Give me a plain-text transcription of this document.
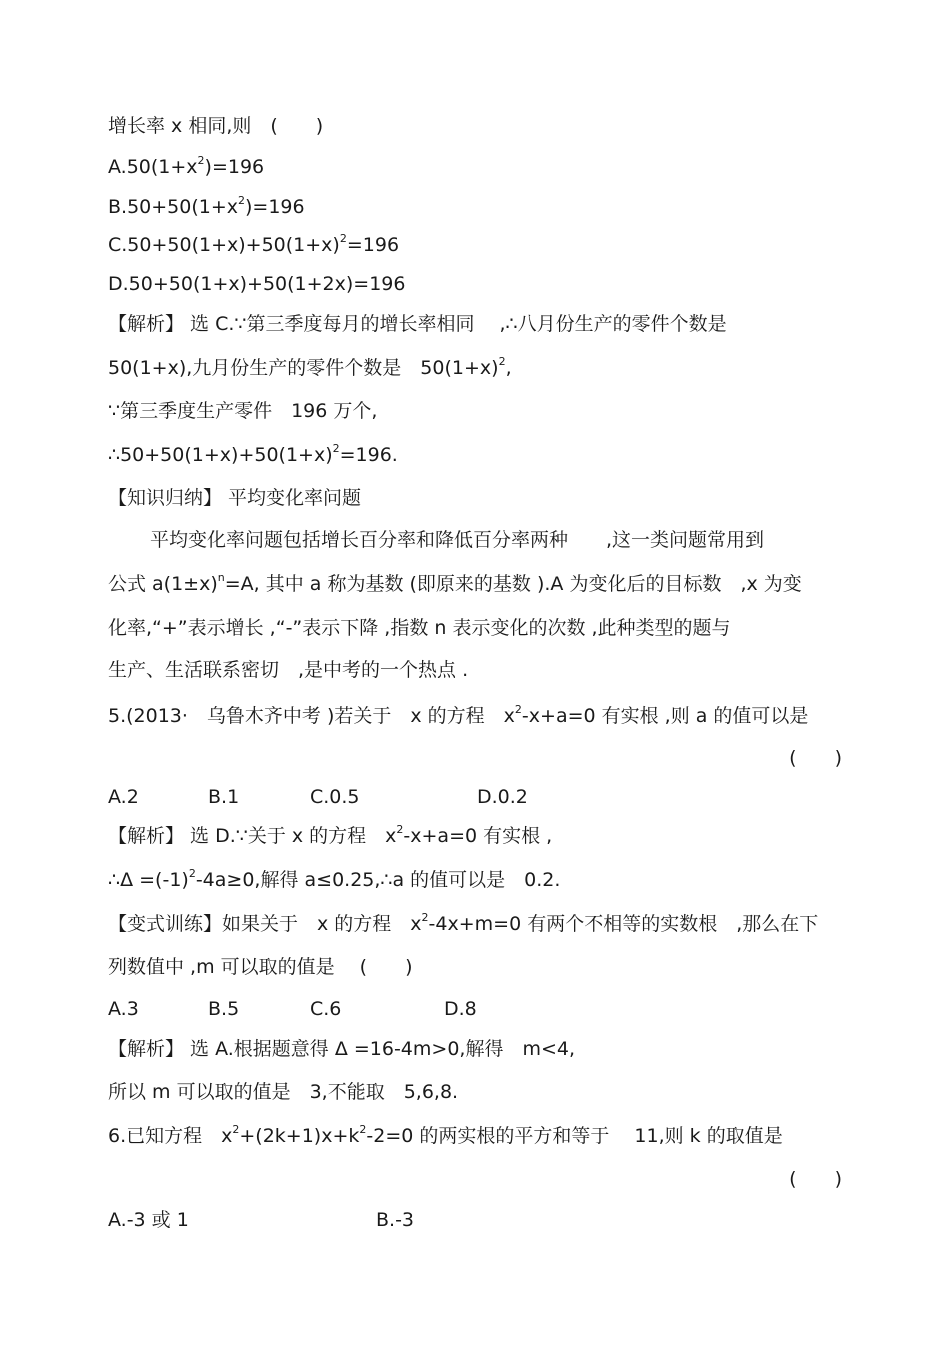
增长率 x 相同,则　(　　)
$A.50(1+x^2)=196$
$B.50+50(1+x^2)=196$
$C.50+50(1+x)+50(1+x)^2=196$
D.50+50(1+x)+50(1+2x)=196
【解析】 选 C.∵第三季度每月的增长率相同　 ,∴八月份生产的零件个数是
50(1+x),九月份生产的零件个数是　$50(1+x)^2$,
∵第三季度生产零件　196 万个,
$\therefore 50+50(1+x)+50(1+x)^2=196$.
【知识归纳】 平均变化率问题
平均变化率问题包括增长百分率和降低百分率两种　　,这一类问题常用到
公式 $a(1\pm x)^n=A$, 其中 a 称为基数 (即原来的基数 ).A 为变化后的目标数　,x 为变
化率,“+”表示增长 ,“-”表示下降 ,指数 n 表示变化的次数 ,此种类型的题与
生产、生活联系密切　,是中考的一个热点 .
5.(2013·　乌鲁木齐中考 )若关于　x 的方程　$x^2-x+a=0$ 有实根 ,则 a 的值可以是
(　　)
A.2	B.1	C.0.5	D.0.2
【解析】 选 D.∵关于 x 的方程　$x^2-x+a=0$ 有实根 ,
∴Δ $=(-1)^2-4a\ge 0$,解得 a≤0.25,∴a 的值可以是　0.2.
【变式训练】如果关于　x 的方程　$x^2-4x+m=0$ 有两个不相等的实数根　,那么在下
列数值中 ,m 可以取的值是　 (　　)
A.3	B.5	C.6	D.8
【解析】 选 A.根据题意得 Δ =16-4m>0,解得　m<4,
所以 m 可以取的值是　3,不能取　5,6,8.
6.已知方程　$x^2+(2k+1)x+k^2-2=0$ 的两实根的平方和等于　 11,则 k 的取值是
(　　)
A.-3 或 1	B.-3
